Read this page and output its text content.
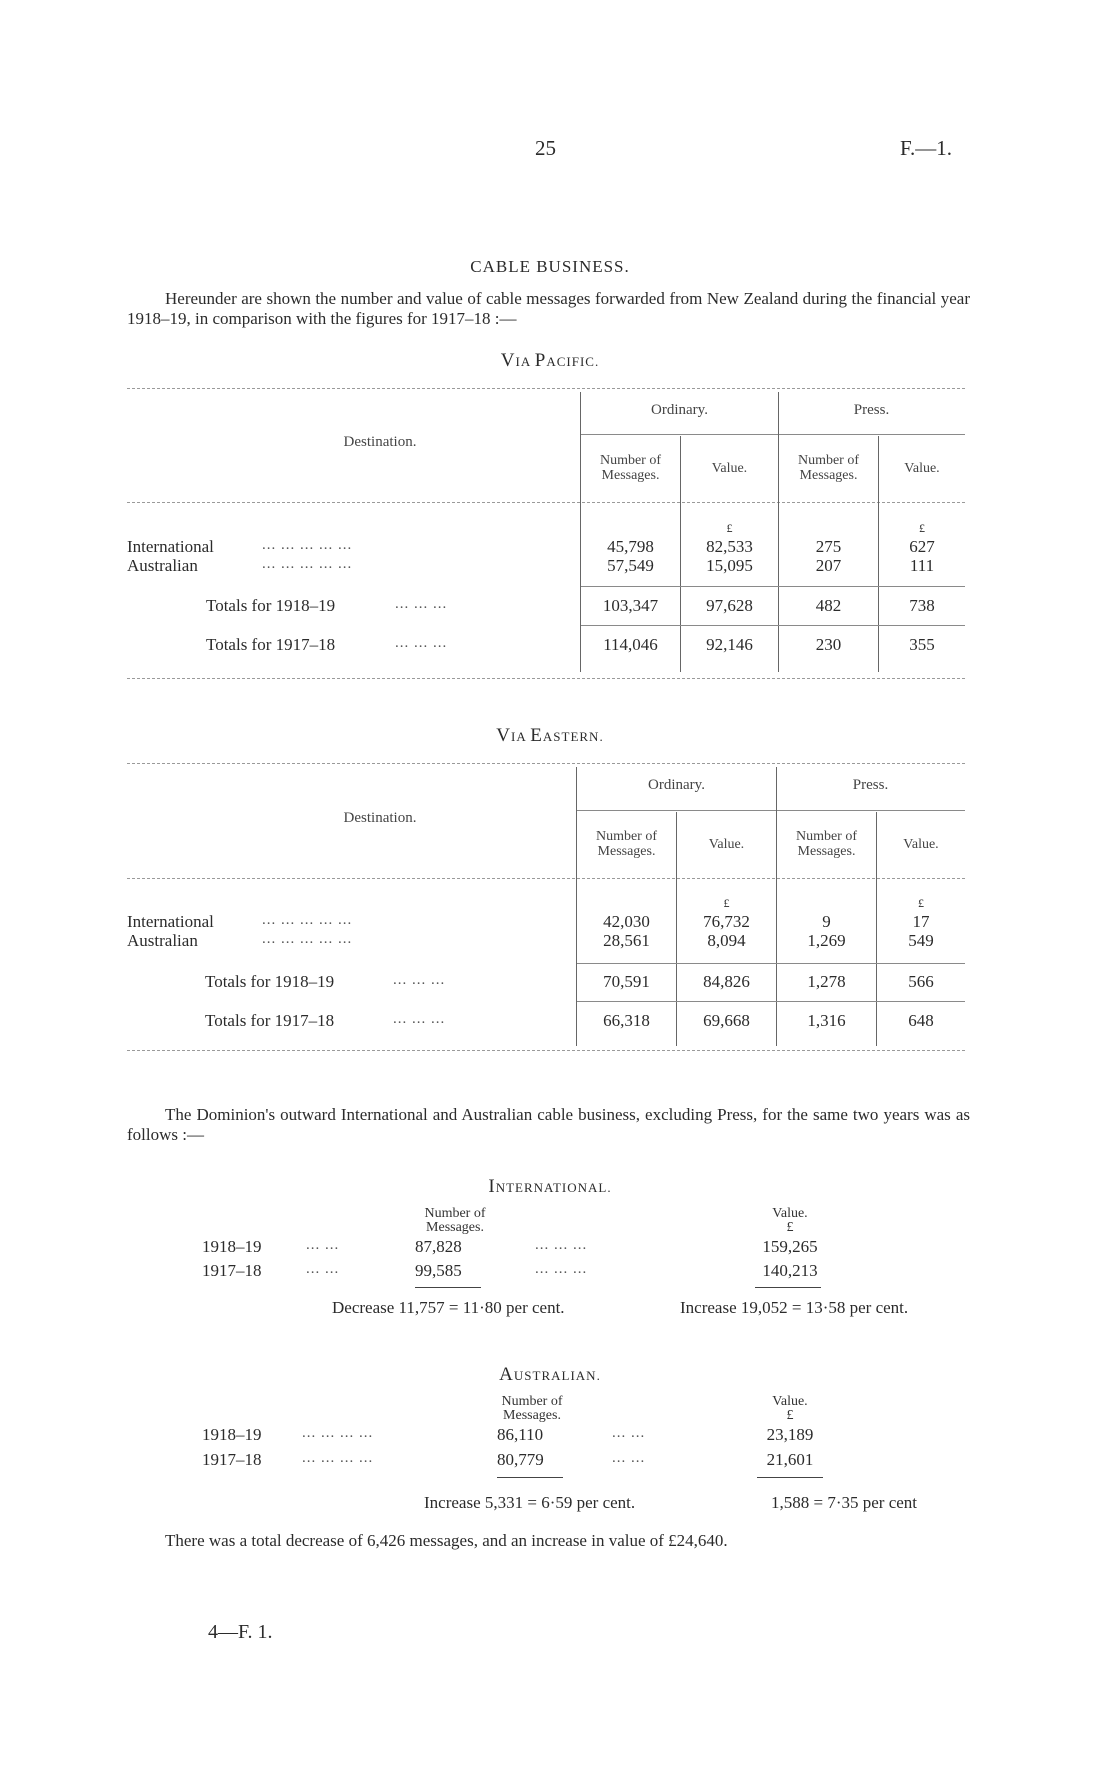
25	F.—1.
CABLE BUSINESS.
Hereunder are shown the number and value of cable messages forwarded from New Zealand during the financial year 1918–19, in comparison with the figures for 1917–18 :—
VIA PACIFIC.
Destination.
Ordinary.	Press.
Number of
Messages.	Value.
Number of
Messages.	Value.
£	£
International	... ... ... ... ...	45,798	82,533	275	627
Australian	... ... ... ... ...	57,549	15,095	207	111
Totals for 1918–19	... ... ...	103,347	97,628	482	738
Totals for 1917–18	... ... ...	114,046	92,146	230	355
VIA EASTERN.
Destination.
Ordinary.	Press.
Number of
Messages.	Value.
Number of
Messages.	Value.
£	£
International	... ... ... ... ...	42,030	76,732	9	17
Australian	... ... ... ... ...	28,561	8,094	1,269	549
Totals for 1918–19	... ... ...	70,591	84,826	1,278	566
Totals for 1917–18	... ... ...	66,318	69,668	1,316	648
The Dominion's outward International and Australian cable business, excluding Press, for the same two years was as follows :—
INTERNATIONAL.
Number of
Messages.
Value.
£
1918–19	... ...	87,828	... ... ...	159,265
1917–18	... ...	99,585	... ... ...	140,213
Decrease 11,757 = 11·80 per cent.	Increase 19,052 = 13·58 per cent.
AUSTRALIAN.
Number of
Messages.
Value.
£
1918–19	... ... ... ...	86,110	... ...	23,189
1917–18	... ... ... ...	80,779	... ...	21,601
Increase 5,331 = 6·59 per cent.	1,588 = 7·35 per cent
There was a total decrease of 6,426 messages, and an increase in value of £24,640.
4—F. 1.
